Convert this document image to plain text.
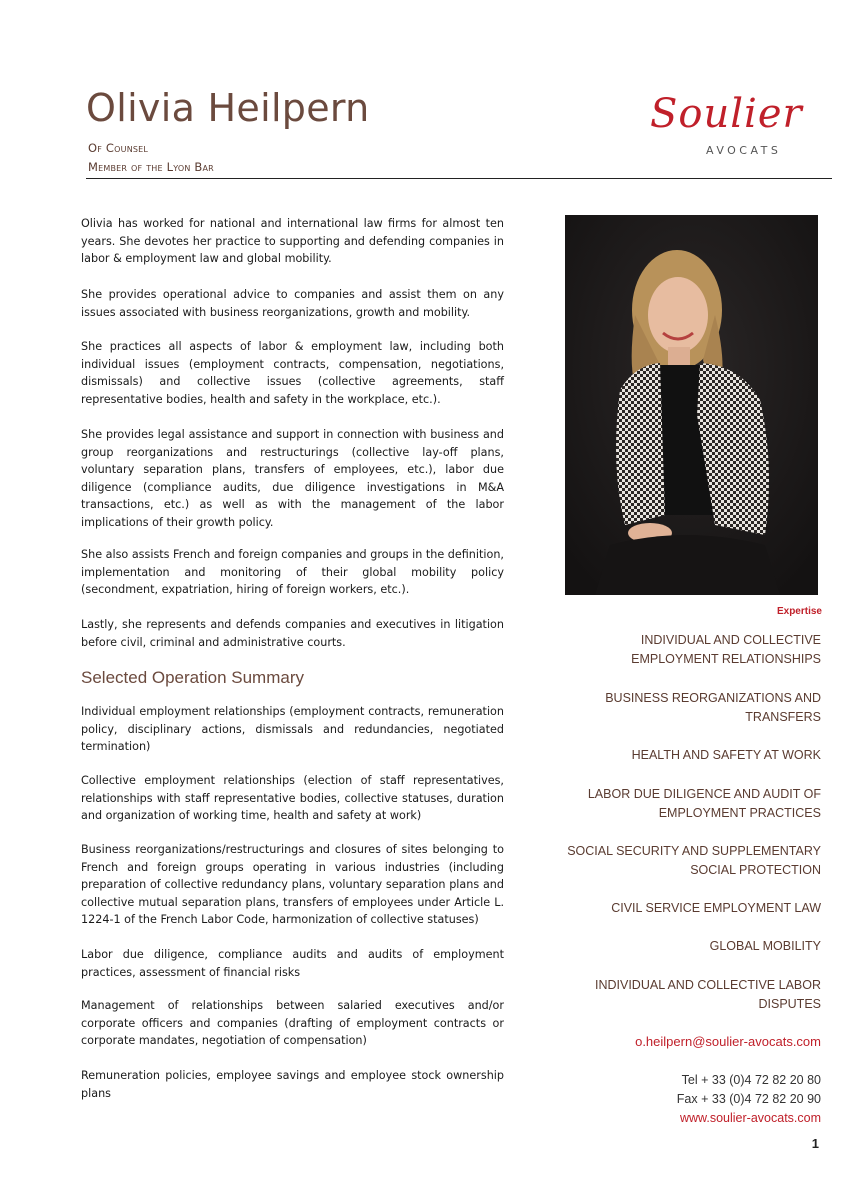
Olivia Heilpern
Of Counsel
Member of the Lyon Bar
Soulier
AVOCATS

Olivia has worked for national and international law firms for almost ten years. She devotes her practice to supporting and defending companies in labor & employment law and global mobility.

She provides operational advice to companies and assist them on any issues associated with business reorganizations, growth and mobility.

She practices all aspects of labor & employment law, including both individual issues (employment contracts, compensation, negotiations, dismissals) and collective issues (collective agreements, staff representative bodies, health and safety in the workplace, etc.).

She provides legal assistance and support in connection with business and group reorganizations and restructurings (collective lay-off plans, voluntary separation plans, transfers of employees, etc.), labor due diligence (compliance audits, due diligence investigations in M&A transactions, etc.) as well as with the management of the labor implications of their growth policy.

She also assists French and foreign companies and groups in the definition, implementation and monitoring of their global mobility policy (secondment, expatriation, hiring of foreign workers, etc.).

Lastly, she represents and defends companies and executives in litigation before civil, criminal and administrative courts.

Selected Operation Summary

Individual employment relationships (employment contracts, remuneration policy, disciplinary actions, dismissals and redundancies, negotiated termination)

Collective employment relationships (election of staff representatives, relationships with staff representative bodies, collective statuses, duration and organization of working time, health and safety at work)

Business reorganizations/restructurings and closures of sites belonging to French and foreign groups operating in various industries (including preparation of collective redundancy plans, voluntary separation plans and collective mutual separation plans, transfers of employees under Article L. 1224-1 of the French Labor Code, harmonization of collective statuses)

Labor due diligence, compliance audits and audits of employment practices, assessment of financial risks

Management of relationships between salaried executives and/or corporate officers and companies (drafting of employment contracts or corporate mandates, negotiation of compensation)

Remuneration policies, employee savings and employee stock ownership plans

Expertise
INDIVIDUAL AND COLLECTIVE EMPLOYMENT RELATIONSHIPS
BUSINESS REORGANIZATIONS AND TRANSFERS
HEALTH AND SAFETY AT WORK
LABOR DUE DILIGENCE AND AUDIT OF EMPLOYMENT PRACTICES
SOCIAL SECURITY AND SUPPLEMENTARY SOCIAL PROTECTION
CIVIL SERVICE EMPLOYMENT LAW
GLOBAL MOBILITY
INDIVIDUAL AND COLLECTIVE LABOR DISPUTES
o.heilpern@soulier-avocats.com
Tel + 33 (0)4 72 82 20 80
Fax + 33 (0)4 72 82 20 90
www.soulier-avocats.com
1
